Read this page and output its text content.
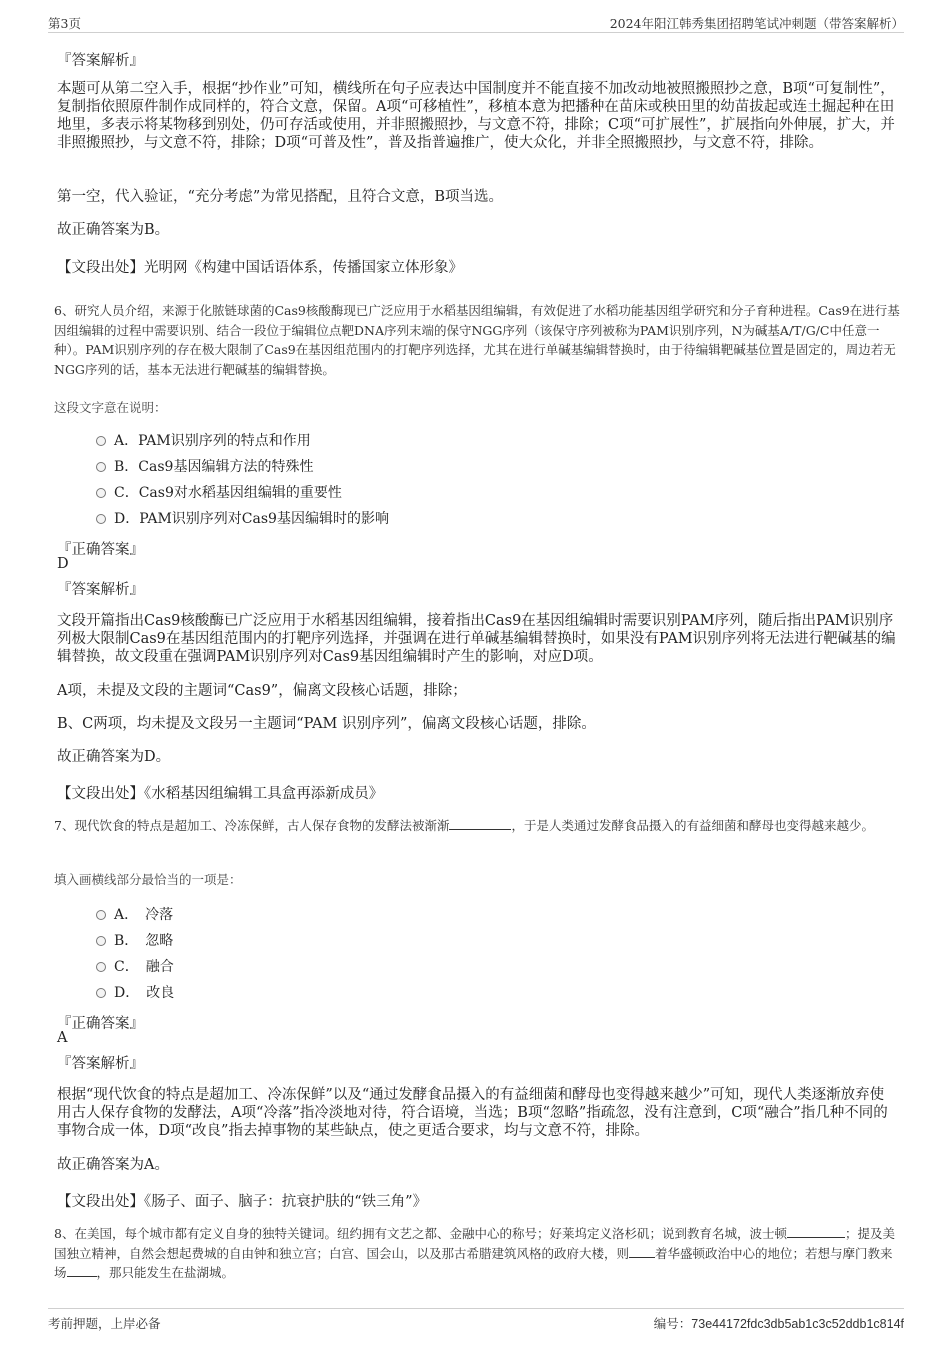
第3页	2024年阳江韩秀集团招聘笔试冲刺题（带答案解析）
『答案解析』
本题可从第二空入手，根据“抄作业”可知，横线所在句子应表达中国制度并不能直接不加改动地被照搬照抄之意，B项“可复制性”，复制指依照原件制作成同样的，符合文意，保留。A项“可移植性”，移植本意为把播种在苗床或秧田里的幼苗拔起或连土掘起种在田地里，多表示将某物移到别处，仍可存活或使用，并非照搬照抄，与文意不符，排除；C项“可扩展性”，扩展指向外伸展，扩大，并非照搬照抄，与文意不符，排除；D项“可普及性”，普及指普遍推广，使大众化，并非全照搬照抄，与文意不符，排除。
第一空，代入验证，“充分考虑”为常见搭配，且符合文意，B项当选。
故正确答案为B。
【文段出处】光明网《构建中国话语体系，传播国家立体形象》
6、研究人员介绍，来源于化脓链球菌的Cas9核酸酶现已广泛应用于水稻基因组编辑，有效促进了水稻功能基因组学研究和分子育种进程。Cas9在进行基因组编辑的过程中需要识别、结合一段位于编辑位点靶DNA序列末端的保守NGG序列（该保守序列被称为PAM识别序列，N为碱基A/T/G/C中任意一种）。PAM识别序列的存在极大限制了Cas9在基因组范围内的打靶序列选择，尤其在进行单碱基编辑替换时，由于待编辑靶碱基位置是固定的，周边若无NGG序列的话，基本无法进行靶碱基的编辑替换。
这段文字意在说明：
A．PAM识别序列的特点和作用
B．Cas9基因编辑方法的特殊性
C．Cas9对水稻基因组编辑的重要性
D．PAM识别序列对Cas9基因编辑时的影响
『正确答案』
D
『答案解析』
文段开篇指出Cas9核酸酶已广泛应用于水稻基因组编辑，接着指出Cas9在基因组编辑时需要识别PAM序列，随后指出PAM识别序列极大限制Cas9在基因组范围内的打靶序列选择，并强调在进行单碱基编辑替换时，如果没有PAM识别序列将无法进行靶碱基的编辑替换，故文段重在强调PAM识别序列对Cas9基因组编辑时产生的影响，对应D项。
A项，未提及文段的主题词“Cas9”，偏离文段核心话题，排除；
B、C两项，均未提及文段另一主题词“PAM 识别序列”，偏离文段核心话题，排除。
故正确答案为D。
【文段出处】《水稻基因组编辑工具盒再添新成员》
7、现代饮食的特点是超加工、冷冻保鲜，古人保存食物的发酵法被渐渐	，于是人类通过发酵食品摄入的有益细菌和酵母也变得越来越少。
填入画横线部分最恰当的一项是：
A．　冷落
B．　忽略
C．　融合
D．　改良
『正确答案』
A
『答案解析』
根据“现代饮食的特点是超加工、冷冻保鲜”以及“通过发酵食品摄入的有益细菌和酵母也变得越来越少”可知，现代人类逐渐放弃使用古人保存食物的发酵法，A项“冷落”指冷淡地对待，符合语境，当选；B项“忽略”指疏忽，没有注意到，C项“融合”指几种不同的事物合成一体，D项“改良”指去掉事物的某些缺点，使之更适合要求，均与文意不符，排除。
故正确答案为A。
【文段出处】《肠子、面子、脑子：抗衰护肤的“铁三角”》
8、在美国，每个城市都有定义自身的独特关键词。纽约拥有文艺之都、金融中心的称号；好莱坞定义洛杉矶；说到教育名城，波士顿	；提及美国独立精神，自然会想起费城的自由钟和独立宫；白宫、国会山，以及那古希腊建筑风格的政府大楼，则 着华盛顿政治中心的地位；若想与摩门教来场 ，那只能发生在盐湖城。
考前押题，上岸必备	编号：73e44172fdc3db5ab1c3c52ddb1c814f
